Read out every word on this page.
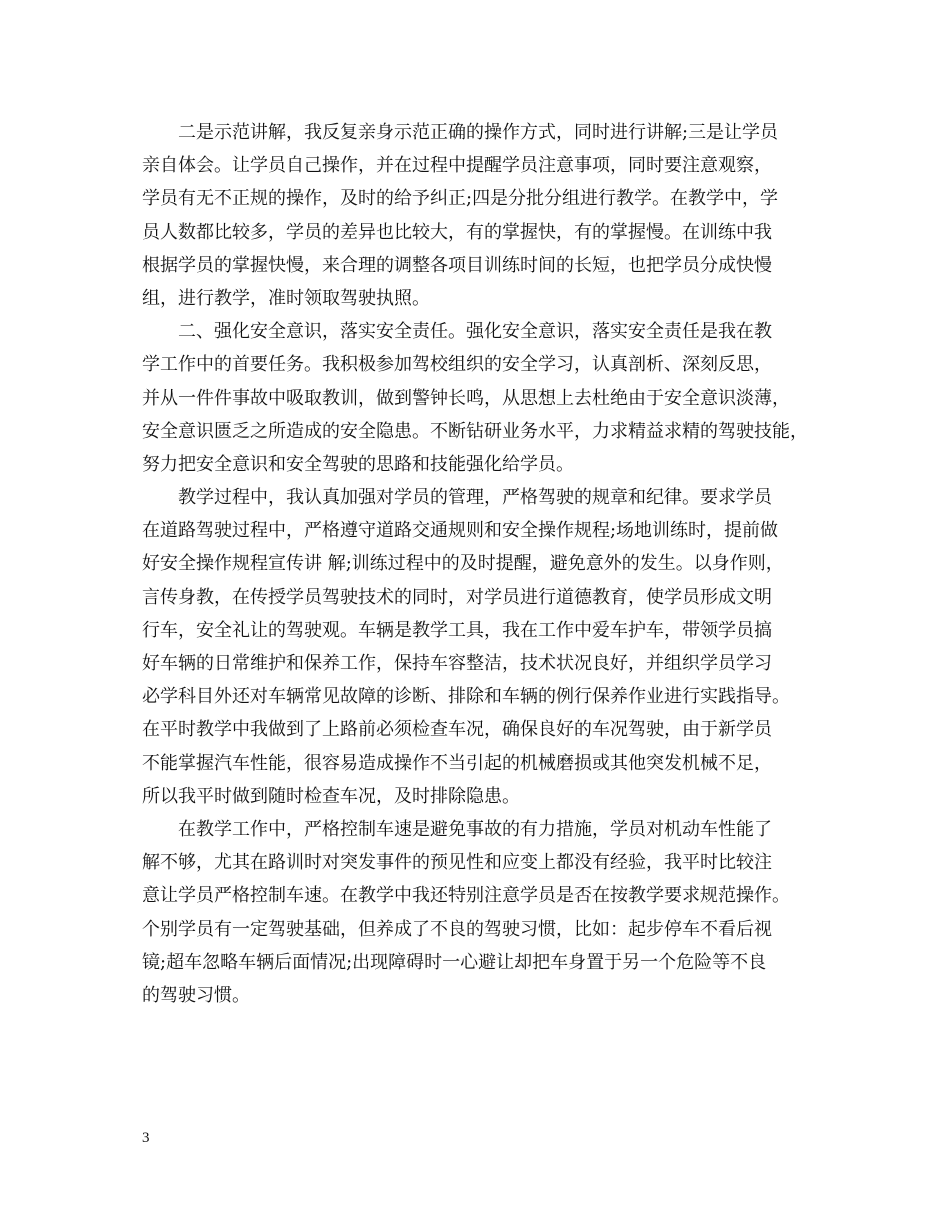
　　二是示范讲解，我反复亲身示范正确的操作方式，同时进行讲解;三是让学员
亲自体会。让学员自己操作，并在过程中提醒学员注意事项，同时要注意观察，
学员有无不正规的操作，及时的给予纠正;四是分批分组进行教学。在教学中，学
员人数都比较多，学员的差异也比较大，有的掌握快，有的掌握慢。在训练中我
根据学员的掌握快慢，来合理的调整各项目训练时间的长短，也把学员分成快慢
组，进行教学，准时领取驾驶执照。
　　二、强化安全意识，落实安全责任。强化安全意识，落实安全责任是我在教
学工作中的首要任务。我积极参加驾校组织的安全学习，认真剖析、深刻反思，
并从一件件事故中吸取教训，做到警钟长鸣，从思想上去杜绝由于安全意识淡薄，
安全意识匮乏之所造成的安全隐患。不断钻研业务水平，力求精益求精的驾驶技能，
努力把安全意识和安全驾驶的思路和技能强化给学员。
　　教学过程中，我认真加强对学员的管理，严格驾驶的规章和纪律。要求学员
在道路驾驶过程中，严格遵守道路交通规则和安全操作规程;场地训练时，提前做
好安全操作规程宣传讲 解;训练过程中的及时提醒，避免意外的发生。以身作则，
言传身教，在传授学员驾驶技术的同时，对学员进行道德教育，使学员形成文明
行车，安全礼让的驾驶观。车辆是教学工具，我在工作中爱车护车，带领学员搞
好车辆的日常维护和保养工作，保持车容整洁，技术状况良好，并组织学员学习
必学科目外还对车辆常见故障的诊断、排除和车辆的例行保养作业进行实践指导。
在平时教学中我做到了上路前必须检查车况，确保良好的车况驾驶，由于新学员
不能掌握汽车性能，很容易造成操作不当引起的机械磨损或其他突发机械不足，
所以我平时做到随时检查车况，及时排除隐患。
　　在教学工作中，严格控制车速是避免事故的有力措施，学员对机动车性能了
解不够，尤其在路训时对突发事件的预见性和应变上都没有经验，我平时比较注
意让学员严格控制车速。在教学中我还特别注意学员是否在按教学要求规范操作。
个别学员有一定驾驶基础，但养成了不良的驾驶习惯，比如：起步停车不看后视
镜;超车忽略车辆后面情况;出现障碍时一心避让却把车身置于另一个危险等不良
的驾驶习惯。
3
